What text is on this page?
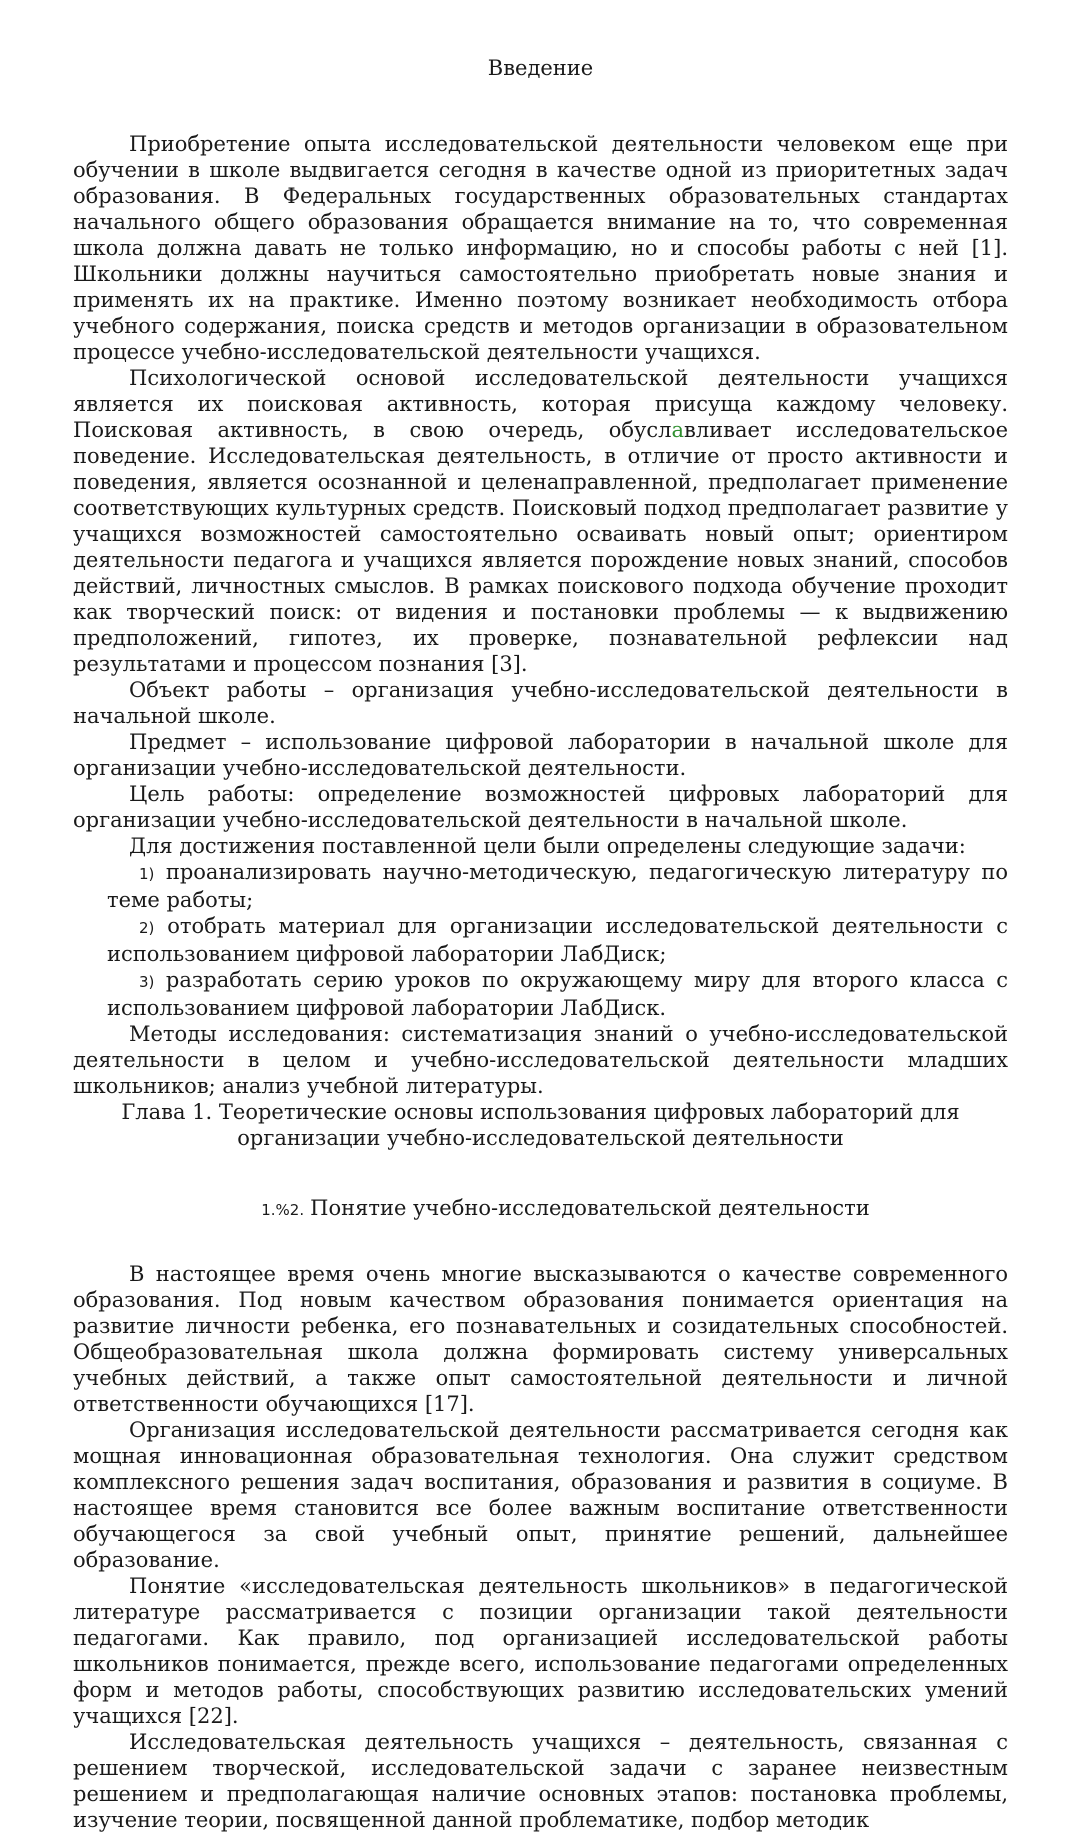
Введение

Приобретение опыта исследовательской деятельности человеком еще при обучении в школе выдвигается сегодня в качестве одной из приоритетных задач образования. В Федеральных государственных образовательных стандартах начального общего образования обращается внимание на то, что современная школа должна давать не только информацию, но и способы работы с ней [1]. Школьники должны научиться самостоятельно приобретать новые знания и применять их на практике. Именно поэтому возникает необходимость отбора учебного содержания, поиска средств и методов организации в образовательном процессе учебно-исследовательской деятельности учащихся.

Психологической основой исследовательской деятельности учащихся является их поисковая активность, которая присуща каждому человеку. Поисковая активность, в свою очередь, обуславливает исследовательское поведение. Исследовательская деятельность, в отличие от просто активности и поведения, является осознанной и целенаправленной, предполагает применение соответствующих культурных средств. Поисковый подход предполагает развитие у учащихся возможностей самостоятельно осваивать новый опыт; ориентиром деятельности педагога и учащихся является порождение новых знаний, способов действий, личностных смыслов. В рамках поискового подхода обучение проходит как творческий поиск: от видения и постановки проблемы — к выдвижению предположений, гипотез, их проверке, познавательной рефлексии над результатами и процессом познания [3].

Объект работы – организация учебно-исследовательской деятельности в начальной школе.

Предмет – использование цифровой лаборатории в начальной школе для организации учебно-исследовательской деятельности.

Цель работы: определение возможностей цифровых лабораторий для организации учебно-исследовательской деятельности в начальной школе.

Для достижения поставленной цели были определены следующие задачи:

1) проанализировать научно-методическую, педагогическую литературу по теме работы;
2) отобрать материал для организации исследовательской деятельности с использованием цифровой лаборатории ЛабДиск;
3) разработать серию уроков по окружающему миру для второго класса с использованием цифровой лаборатории ЛабДиск.

Методы исследования: систематизация знаний о учебно-исследовательской деятельности в целом и учебно-исследовательской деятельности младших школьников; анализ учебной литературы.

Глава 1. Теоретические основы использования цифровых лабораторий для организации учебно-исследовательской деятельности
1.%2. Понятие учебно-исследовательской деятельности

В настоящее время очень многие высказываются о качестве современного образования. Под новым качеством образования понимается ориентация на развитие личности ребенка, его познавательных и созидательных способностей. Общеобразовательная школа должна формировать систему универсальных учебных действий, а также опыт самостоятельной деятельности и личной ответственности обучающихся [17].

Организация исследовательской деятельности рассматривается сегодня как мощная инновационная образовательная технология. Она служит средством комплексного решения задач воспитания, образования и развития в социуме. В настоящее время становится все более важным воспитание ответственности обучающегося за свой учебный опыт, принятие решений, дальнейшее образование.

Понятие «исследовательская деятельность школьников» в педагогической литературе рассматривается с позиции организации такой деятельности педагогами. Как правило, под организацией исследовательской работы школьников понимается, прежде всего, использование педагогами определенных форм и методов работы, способствующих развитию исследовательских умений учащихся [22].

Исследовательская деятельность учащихся – деятельность, связанная с решением творческой, исследовательской задачи с заранее неизвестным решением и предполагающая наличие основных этапов: постановка проблемы, изучение теории, посвященной данной проблематике, подбор методик
